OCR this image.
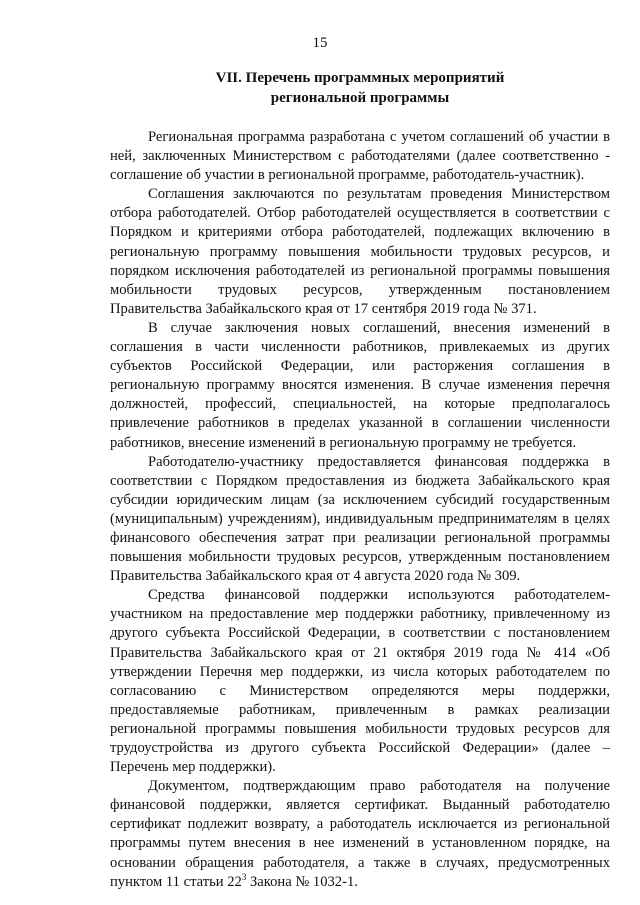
15
VII. Перечень программных мероприятий
региональной программы

Региональная программа разработана с учетом соглашений об участии в ней, заключенных Министерством с работодателями (далее соответственно - соглашение об участии в региональной программе, работодатель-участник).

Соглашения заключаются по результатам проведения Министерством отбора работодателей. Отбор работодателей осуществляется в соответствии с Порядком и критериями отбора работодателей, подлежащих включению в региональную программу повышения мобильности трудовых ресурсов, и порядком исключения работодателей из региональной программы повышения мобильности трудовых ресурсов, утвержденным постановлением Правительства Забайкальского края от 17 сентября 2019 года № 371.

В случае заключения новых соглашений, внесения изменений в соглашения в части численности работников, привлекаемых из других субъектов Российской Федерации, или расторжения соглашения в региональную программу вносятся изменения. В случае изменения перечня должностей, профессий, специальностей, на которые предполагалось привлечение работников в пределах указанной в соглашении численности работников, внесение изменений в региональную программу не требуется.

Работодателю-участнику предоставляется финансовая поддержка в соответствии с Порядком предоставления из бюджета Забайкальского края субсидии юридическим лицам (за исключением субсидий государственным (муниципальным) учреждениям), индивидуальным предпринимателям в целях финансового обеспечения затрат при реализации региональной программы повышения мобильности трудовых ресурсов, утвержденным постановлением Правительства Забайкальского края от 4 августа 2020 года № 309.

Средства финансовой поддержки используются работодателем-участником на предоставление мер поддержки работнику, привлеченному из другого субъекта Российской Федерации, в соответствии с постановлением Правительства Забайкальского края от 21 октября 2019 года № 414 «Об утверждении Перечня мер поддержки, из числа которых работодателем по согласованию с Министерством определяются меры поддержки, предоставляемые работникам, привлеченным в рамках реализации региональной программы повышения мобильности трудовых ресурсов для трудоустройства из другого субъекта Российской Федерации» (далее – Перечень мер поддержки).

Документом, подтверждающим право работодателя на получение финансовой поддержки, является сертификат. Выданный работодателю сертификат подлежит возврату, а работодатель исключается из региональной программы путем внесения в нее изменений в установленном порядке, на основании обращения работодателя, а также в случаях, предусмотренных пунктом 11 статьи $22^3$ Закона № 1032-1.
